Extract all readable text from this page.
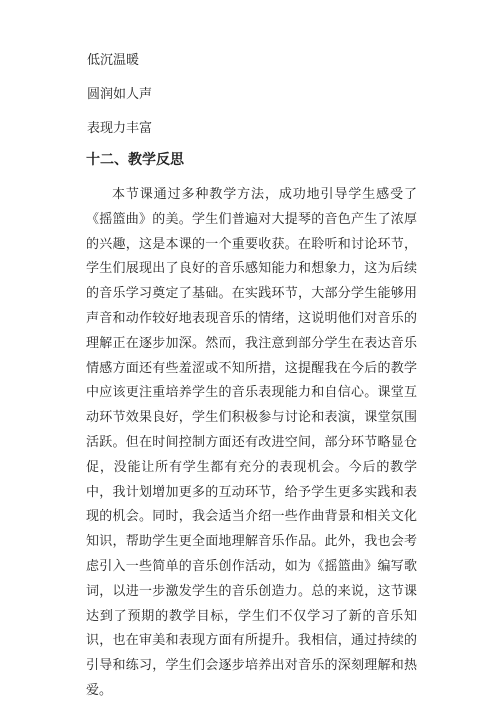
低沉温暖
圆润如人声
表现力丰富
十二、教学反思

本节课通过多种教学方法，成功地引导学生感受了《摇篮曲》的美。学生们普遍对大提琴的音色产生了浓厚的兴趣，这是本课的一个重要收获。在聆听和讨论环节，学生们展现出了良好的音乐感知能力和想象力，这为后续的音乐学习奠定了基础。在实践环节，大部分学生能够用声音和动作较好地表现音乐的情绪，这说明他们对音乐的理解正在逐步加深。然而，我注意到部分学生在表达音乐情感方面还有些羞涩或不知所措，这提醒我在今后的教学中应该更注重培养学生的音乐表现能力和自信心。课堂互动环节效果良好，学生们积极参与讨论和表演，课堂氛围活跃。但在时间控制方面还有改进空间，部分环节略显仓促，没能让所有学生都有充分的表现机会。今后的教学中，我计划增加更多的互动环节，给予学生更多实践和表现的机会。同时，我会适当介绍一些作曲背景和相关文化知识，帮助学生更全面地理解音乐作品。此外，我也会考虑引入一些简单的音乐创作活动，如为《摇篮曲》编写歌词，以进一步激发学生的音乐创造力。总的来说，这节课达到了预期的教学目标，学生们不仅学习了新的音乐知识，也在审美和表现方面有所提升。我相信，通过持续的引导和练习，学生们会逐步培养出对音乐的深刻理解和热爱。
